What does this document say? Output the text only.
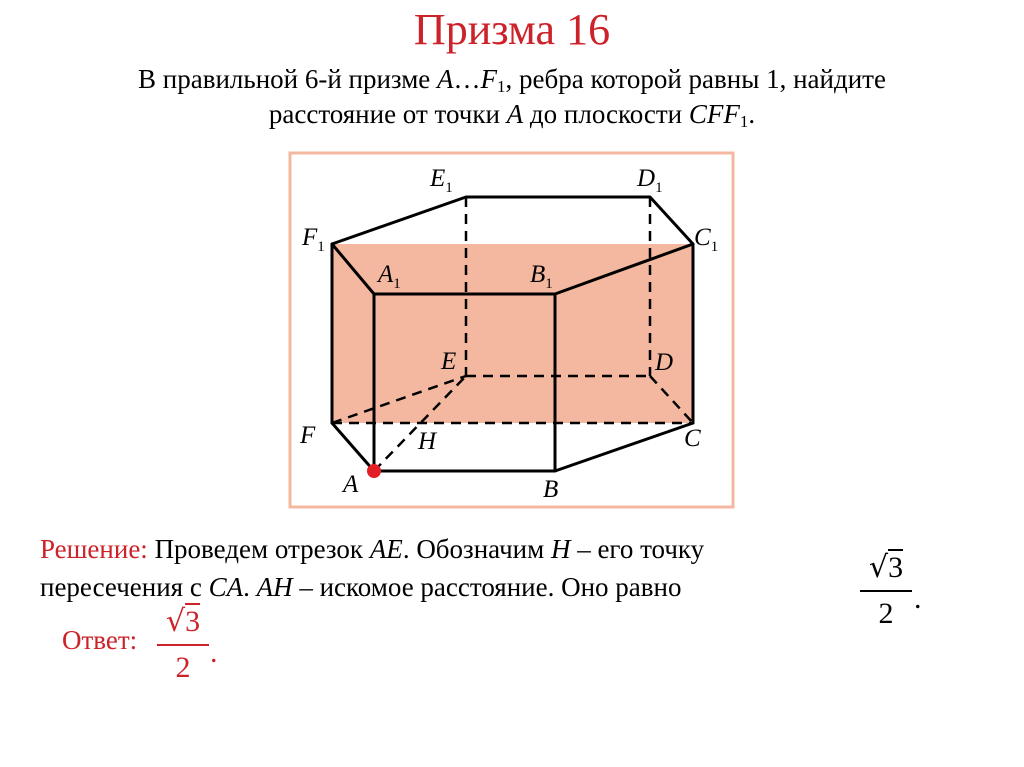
Призма 16
В правильной 6-й призме $A\dots F_1$, ребра которой равны 1, найдите
расстояние от точки A до плоскости $CFF_1$.
$E_1$	$D_1$
$F_1$	$C_1$
$A_1$	$B_1$
E	D
F	H	C
A	B
Решение: Проведем отрезок AE. Обозначим H – его точку
пересечения с CA. AH – искомое расстояние. Оно равно
√3
2 .
Ответ:
√3
2 .
